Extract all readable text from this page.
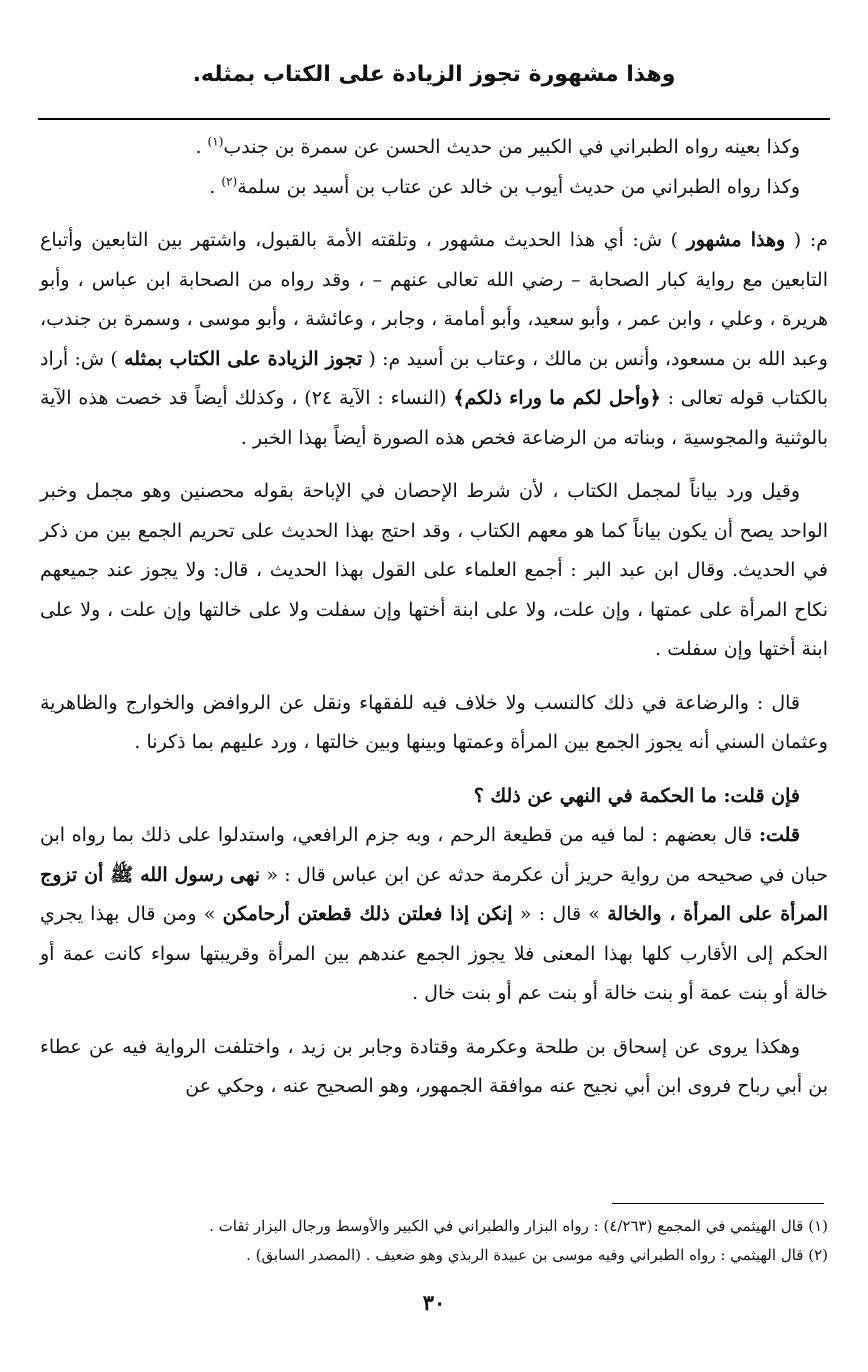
وهذا مشهورة تجوز الزيادة على الكتاب بمثله.

وكذا بعينه رواه الطبراني في الكبير من حديث الحسن عن سمرة بن جندب$^{(١)}$ .

وكذا رواه الطبراني من حديث أيوب بن خالد عن عتاب بن أسيد بن سلمة$^{(٢)}$ .

م: ( وهذا مشهور ) ش: أي هذا الحديث مشهور ، وتلقته الأمة بالقبول، واشتهر بين التابعين وأتباع التابعين مع رواية كبار الصحابة – رضي الله تعالى عنهم – ، وقد رواه من الصحابة ابن عباس ، وأبو هريرة ، وعلي ، وابن عمر ، وأبو سعيد، وأبو أمامة ، وجابر ، وعائشة ، وأبو موسى ، وسمرة بن جندب، وعبد الله بن مسعود، وأنس بن مالك ، وعتاب بن أسيد م: ( تجوز الزيادة على الكتاب بمثله ) ش: أراد بالكتاب قوله تعالى : ﴿وأحل لكم ما وراء ذلكم﴾ (النساء : الآية ٢٤) ، وكذلك أيضاً قد خصت هذه الآية بالوثنية والمجوسية ، وبناته من الرضاعة فخص هذه الصورة أيضاً بهذا الخبر .

وقيل ورد بياناً لمجمل الكتاب ، لأن شرط الإحصان في الإباحة بقوله محصنين وهو مجمل وخبر الواحد يصح أن يكون بياناً كما هو معهم الكتاب ، وقد احتج بهذا الحديث على تحريم الجمع بين من ذكر في الحديث. وقال ابن عبد البر : أجمع العلماء على القول بهذا الحديث ، قال: ولا يجوز عند جميعهم نكاح المرأة على عمتها ، وإن علت، ولا على ابنة أختها وإن سفلت ولا على خالتها وإن علت ، ولا على ابنة أختها وإن سفلت .

قال : والرضاعة في ذلك كالنسب ولا خلاف فيه للفقهاء ونقل عن الروافض والخوارج والظاهرية وعثمان السني أنه يجوز الجمع بين المرأة وعمتها وبينها وبين خالتها ، ورد عليهم بما ذكرنا .

فإن قلت: ما الحكمة في النهي عن ذلك ؟

قلت: قال بعضهم : لما فيه من قطيعة الرحم ، وبه جزم الرافعي، واستدلوا على ذلك بما رواه ابن حبان في صحيحه من رواية حريز أن عكرمة حدثه عن ابن عباس قال : « نهى رسول الله ﷺ أن تزوج المرأة على المرأة ، والخالة » قال : « إنكن إذا فعلتن ذلك قطعتن أرحامكن » ومن قال بهذا يجري الحكم إلى الأقارب كلها بهذا المعنى فلا يجوز الجمع عندهم بين المرأة وقريبتها سواء كانت عمة أو خالة أو بنت عمة أو بنت خالة أو بنت عم أو بنت خال .

وهكذا يروى عن إسحاق بن طلحة وعكرمة وقتادة وجابر بن زيد ، واختلفت الرواية فيه عن عطاء بن أبي رباح فروى ابن أبي نجيح عنه موافقة الجمهور، وهو الصحيح عنه ، وحكي عن

(١) قال الهيثمي في المجمع (٤/٢٦٣) : رواه البزار والطبراني في الكبير والأوسط ورجال البزار ثقات .
(٢) قال الهيثمي : رواه الطبراني وفيه موسى بن عبيدة الربذي وهو ضعيف . (المصدر السابق) .
٣٠
